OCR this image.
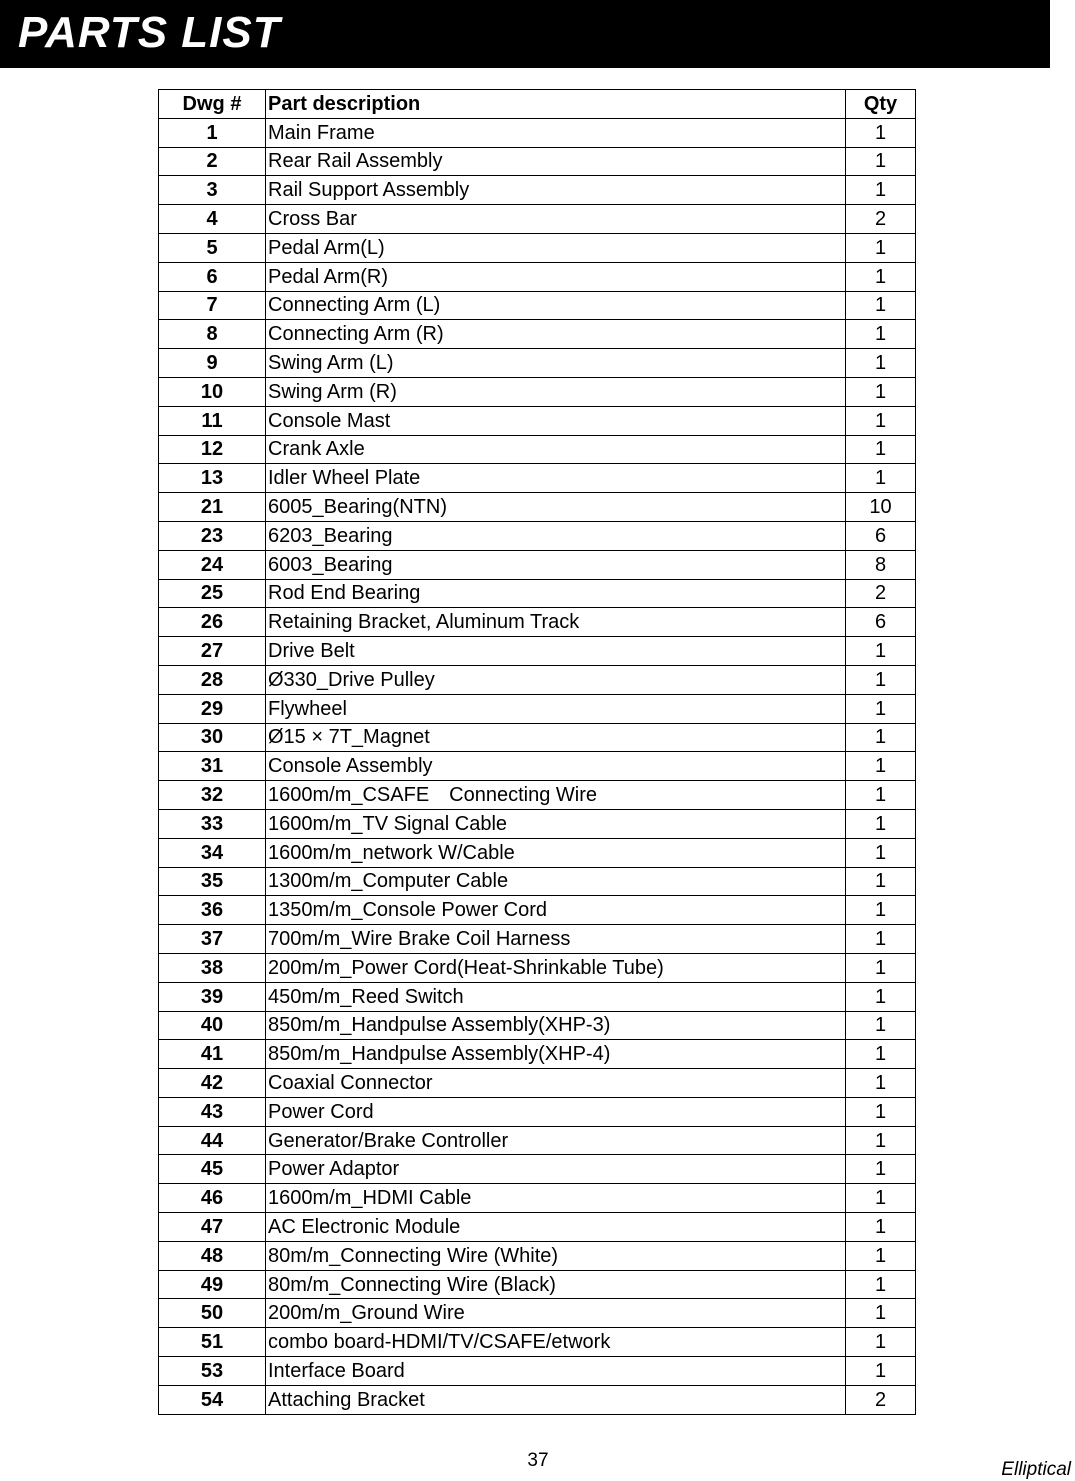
PARTS LIST
Dwg #	Part description	Qty
1	Main Frame	1
2	Rear Rail Assembly	1
3	Rail Support Assembly	1
4	Cross Bar	2
5	Pedal Arm(L)	1
6	Pedal Arm(R)	1
7	Connecting Arm (L)	1
8	Connecting Arm (R)	1
9	Swing Arm (L)	1
10	Swing Arm (R)	1
11	Console Mast	1
12	Crank Axle	1
13	Idler Wheel Plate	1
21	6005_Bearing(NTN)	10
23	6203_Bearing	6
24	6003_Bearing	8
25	Rod End Bearing	2
26	Retaining Bracket, Aluminum Track	6
27	Drive Belt	1
28	Ø330_Drive Pulley	1
29	Flywheel	1
30	Ø15 × 7T_Magnet	1
31	Console Assembly	1
32	1600m/m_CSAFE　Connecting Wire	1
33	1600m/m_TV Signal Cable	1
34	1600m/m_network W/Cable	1
35	1300m/m_Computer Cable	1
36	1350m/m_Console Power Cord	1
37	700m/m_Wire Brake Coil Harness	1
38	200m/m_Power Cord(Heat-Shrinkable Tube)	1
39	450m/m_Reed Switch	1
40	850m/m_Handpulse Assembly(XHP-3)	1
41	850m/m_Handpulse Assembly(XHP-4)	1
42	Coaxial Connector	1
43	Power Cord	1
44	Generator/Brake Controller	1
45	Power Adaptor	1
46	1600m/m_HDMI Cable	1
47	AC Electronic Module	1
48	80m/m_Connecting Wire (White)	1
49	80m/m_Connecting Wire (Black)	1
50	200m/m_Ground Wire	1
51	combo board-HDMI/TV/CSAFE/etwork	1
53	Interface Board	1
54	Attaching Bracket	2
37	Elliptical
